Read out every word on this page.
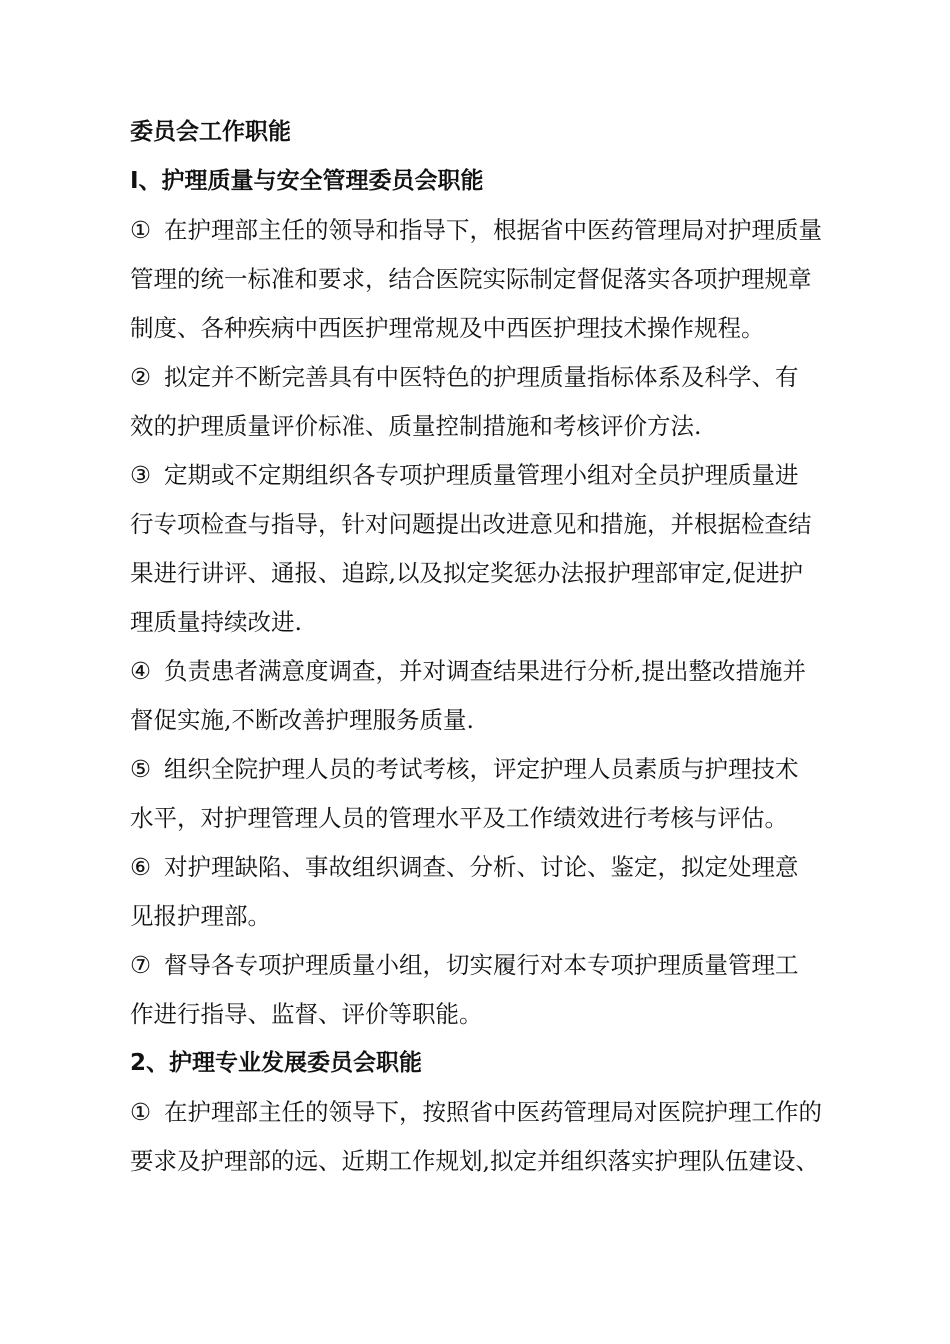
委员会工作职能

I、护理质量与安全管理委员会职能

① 在护理部主任的领导和指导下，根据省中医药管理局对护理质量
管理的统一标准和要求，结合医院实际制定督促落实各项护理规章
制度、各种疾病中西医护理常规及中西医护理技术操作规程。
② 拟定并不断完善具有中医特色的护理质量指标体系及科学、有
效的护理质量评价标准、质量控制措施和考核评价方法.
③ 定期或不定期组织各专项护理质量管理小组对全员护理质量进
行专项检查与指导，针对问题提出改进意见和措施，并根据检查结
果进行讲评、通报、追踪,以及拟定奖惩办法报护理部审定,促进护
理质量持续改进.
④ 负责患者满意度调查，并对调查结果进行分析,提出整改措施并
督促实施,不断改善护理服务质量.
⑤ 组织全院护理人员的考试考核，评定护理人员素质与护理技术
水平，对护理管理人员的管理水平及工作绩效进行考核与评估。
⑥ 对护理缺陷、事故组织调查、分析、讨论、鉴定，拟定处理意
见报护理部。
⑦ 督导各专项护理质量小组，切实履行对本专项护理质量管理工
作进行指导、监督、评价等职能。

2、护理专业发展委员会职能

① 在护理部主任的领导下，按照省中医药管理局对医院护理工作的
要求及护理部的远、近期工作规划,拟定并组织落实护理队伍建设、
